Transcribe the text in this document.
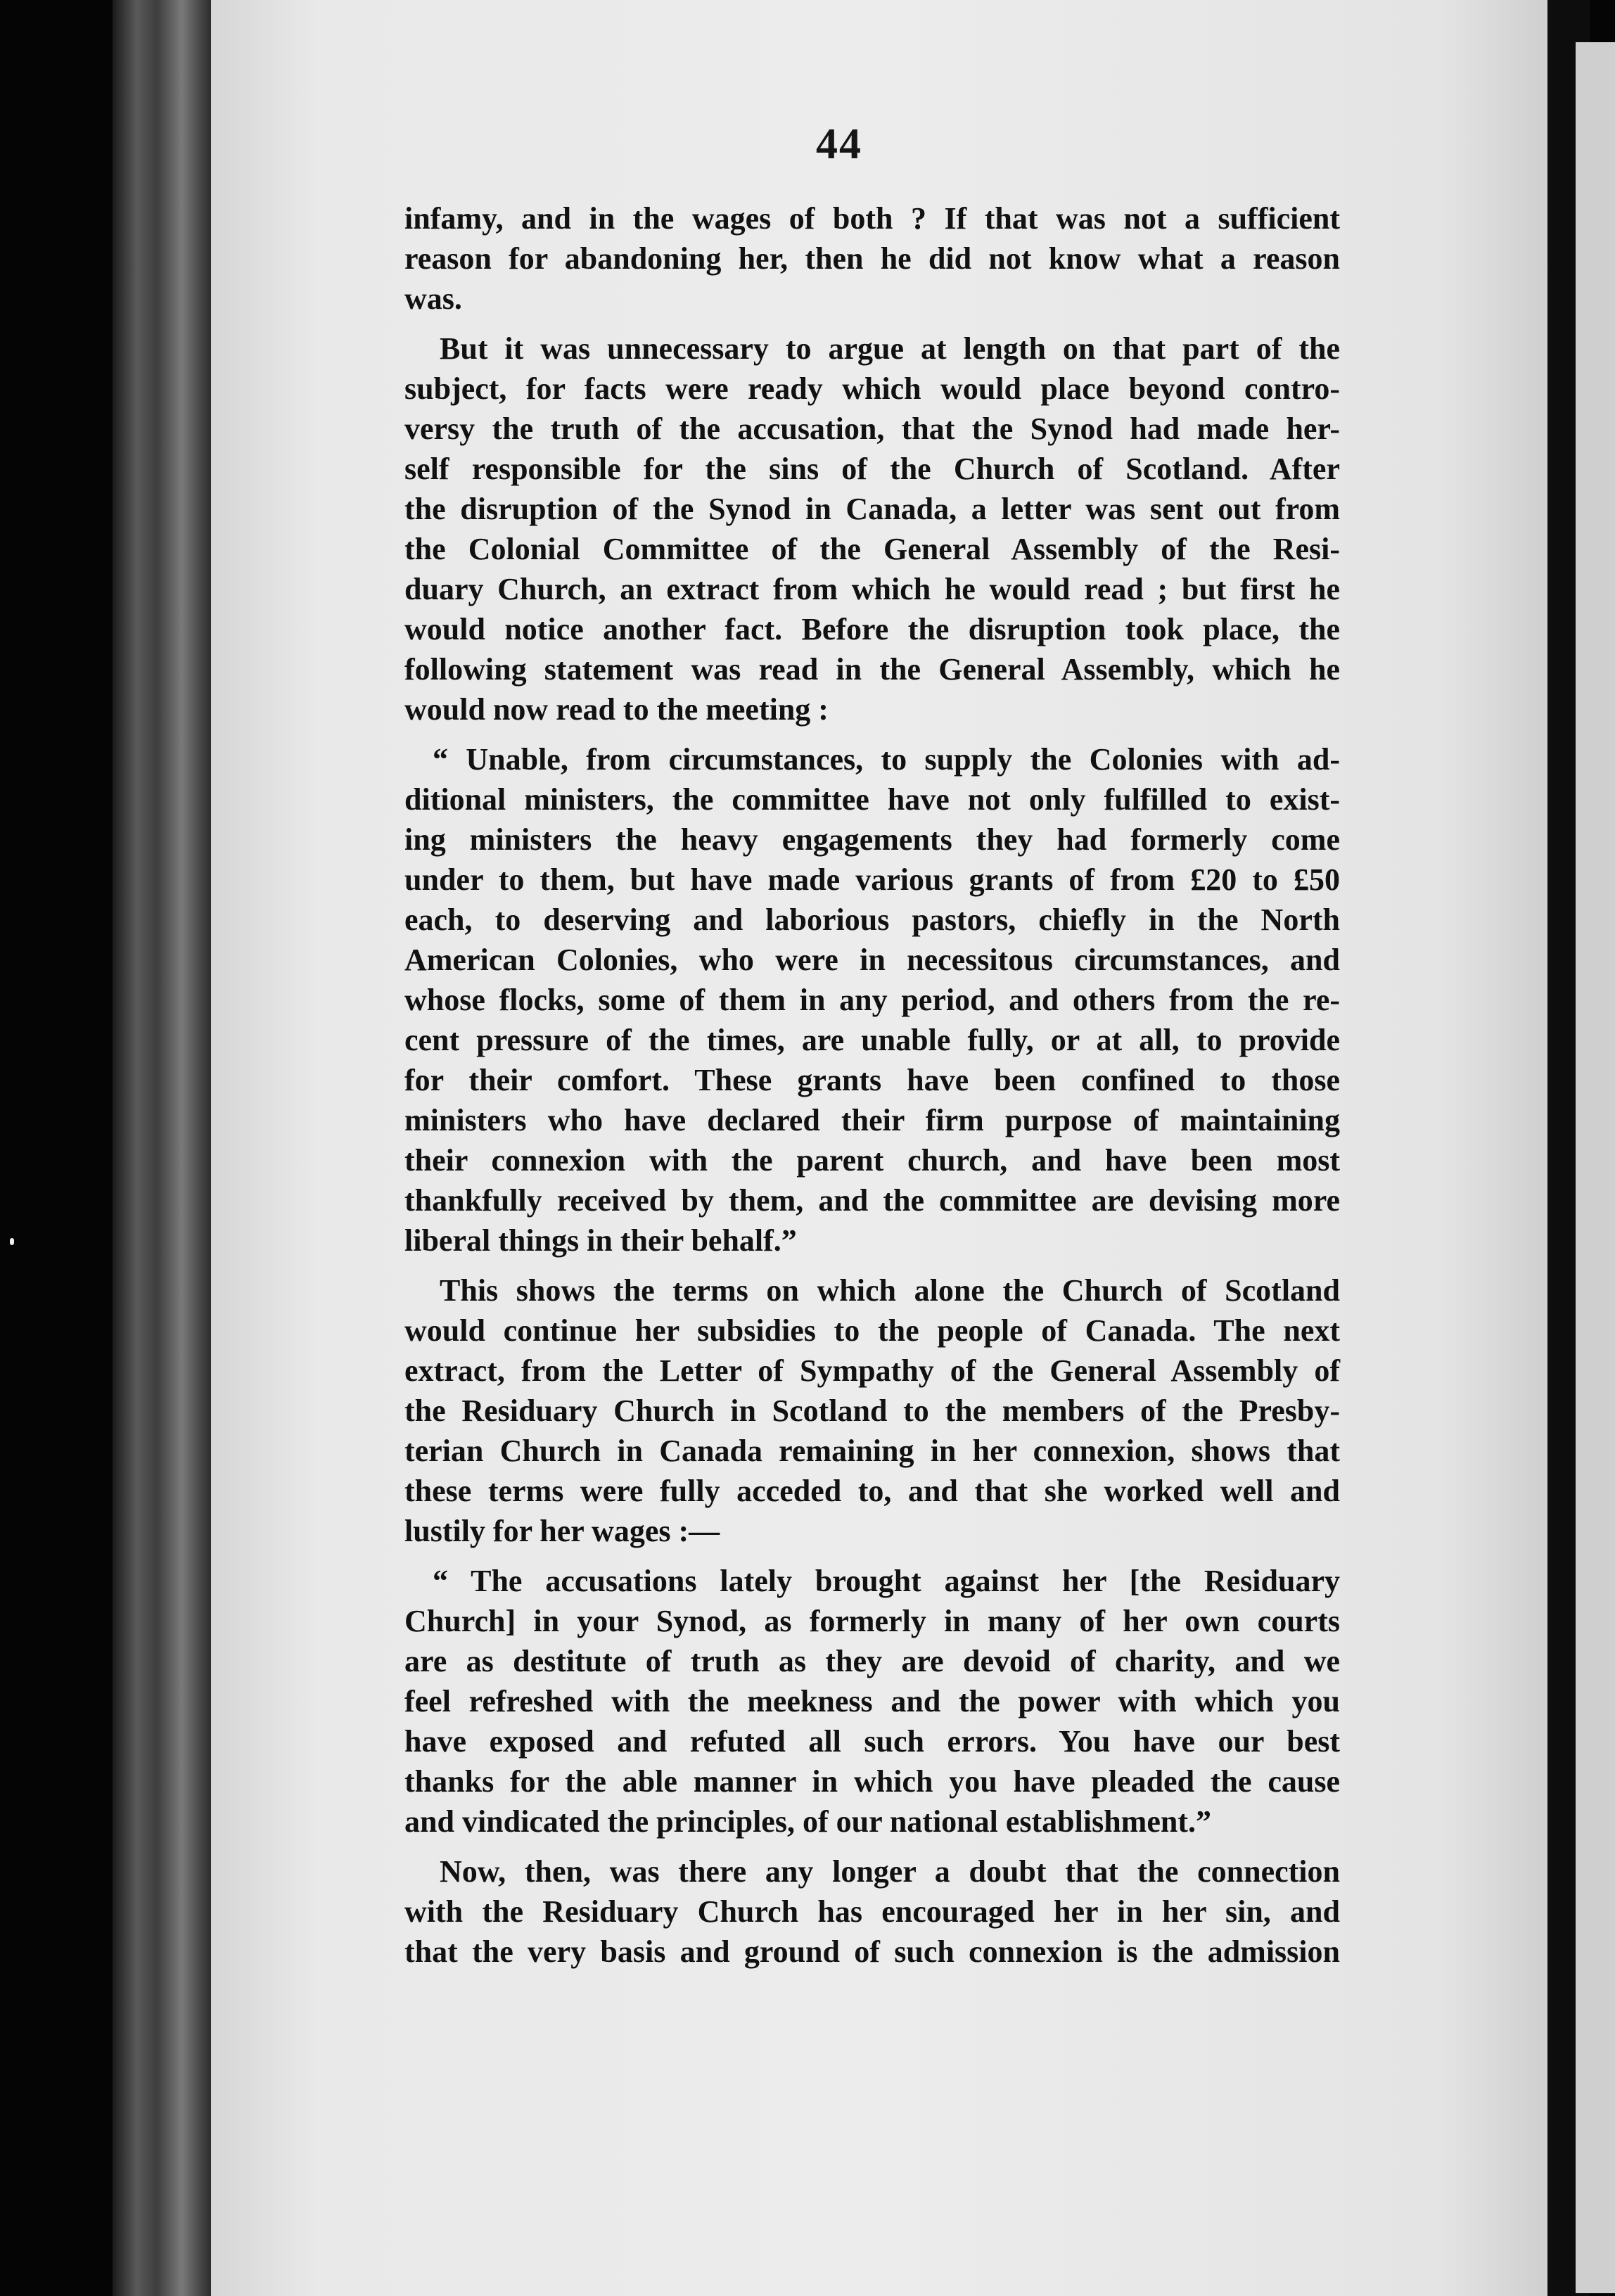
44
infamy, and in the wages of both ? If that was not a sufficient
reason for abandoning her, then he did not know what a reason
was.
But it was unnecessary to argue at length on that part of the
subject, for facts were ready which would place beyond contro-
versy the truth of the accusation, that the Synod had made her-
self responsible for the sins of the Church of Scotland. After
the disruption of the Synod in Canada, a letter was sent out from
the Colonial Committee of the General Assembly of the Resi-
duary Church, an extract from which he would read ; but first he
would notice another fact. Before the disruption took place, the
following statement was read in the General Assembly, which he
would now read to the meeting :
“ Unable, from circumstances, to supply the Colonies with ad-
ditional ministers, the committee have not only fulfilled to exist-
ing ministers the heavy engagements they had formerly come
under to them, but have made various grants of from £20 to £50
each, to deserving and laborious pastors, chiefly in the North
American Colonies, who were in necessitous circumstances, and
whose flocks, some of them in any period, and others from the re-
cent pressure of the times, are unable fully, or at all, to provide
for their comfort. These grants have been confined to those
ministers who have declared their firm purpose of maintaining
their connexion with the parent church, and have been most
thankfully received by them, and the committee are devising more
liberal things in their behalf.”
This shows the terms on which alone the Church of Scotland
would continue her subsidies to the people of Canada. The next
extract, from the Letter of Sympathy of the General Assembly of
the Residuary Church in Scotland to the members of the Presby-
terian Church in Canada remaining in her connexion, shows that
these terms were fully acceded to, and that she worked well and
lustily for her wages :—
“ The accusations lately brought against her [the Residuary
Church] in your Synod, as formerly in many of her own courts
are as destitute of truth as they are devoid of charity, and we
feel refreshed with the meekness and the power with which you
have exposed and refuted all such errors. You have our best
thanks for the able manner in which you have pleaded the cause
and vindicated the principles, of our national establishment.”
Now, then, was there any longer a doubt that the connection
with the Residuary Church has encouraged her in her sin, and
that the very basis and ground of such connexion is the admission
